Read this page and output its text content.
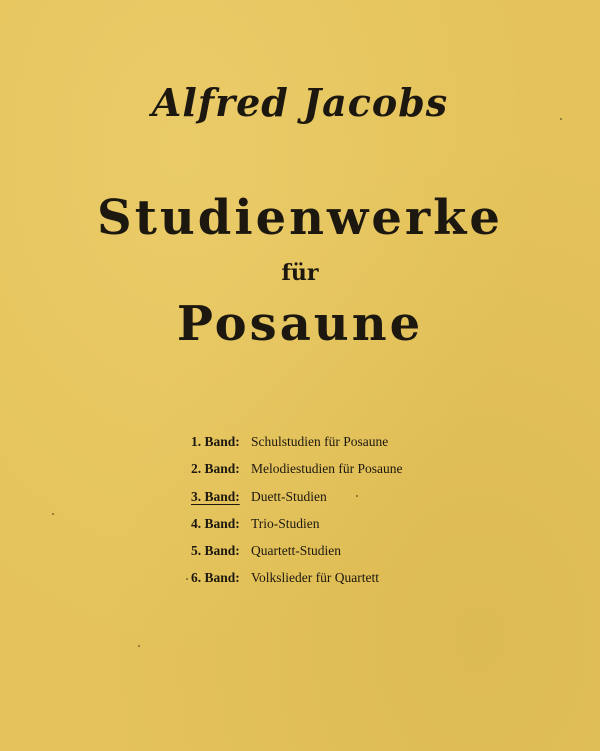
Alfred Jacobs
Studienwerke
für
Posaune
1. Band: Schulstudien für Posaune
2. Band: Melodiestudien für Posaune
3. Band: Duett-Studien
4. Band: Trio-Studien
5. Band: Quartett-Studien
6. Band: Volkslieder für Quartett
